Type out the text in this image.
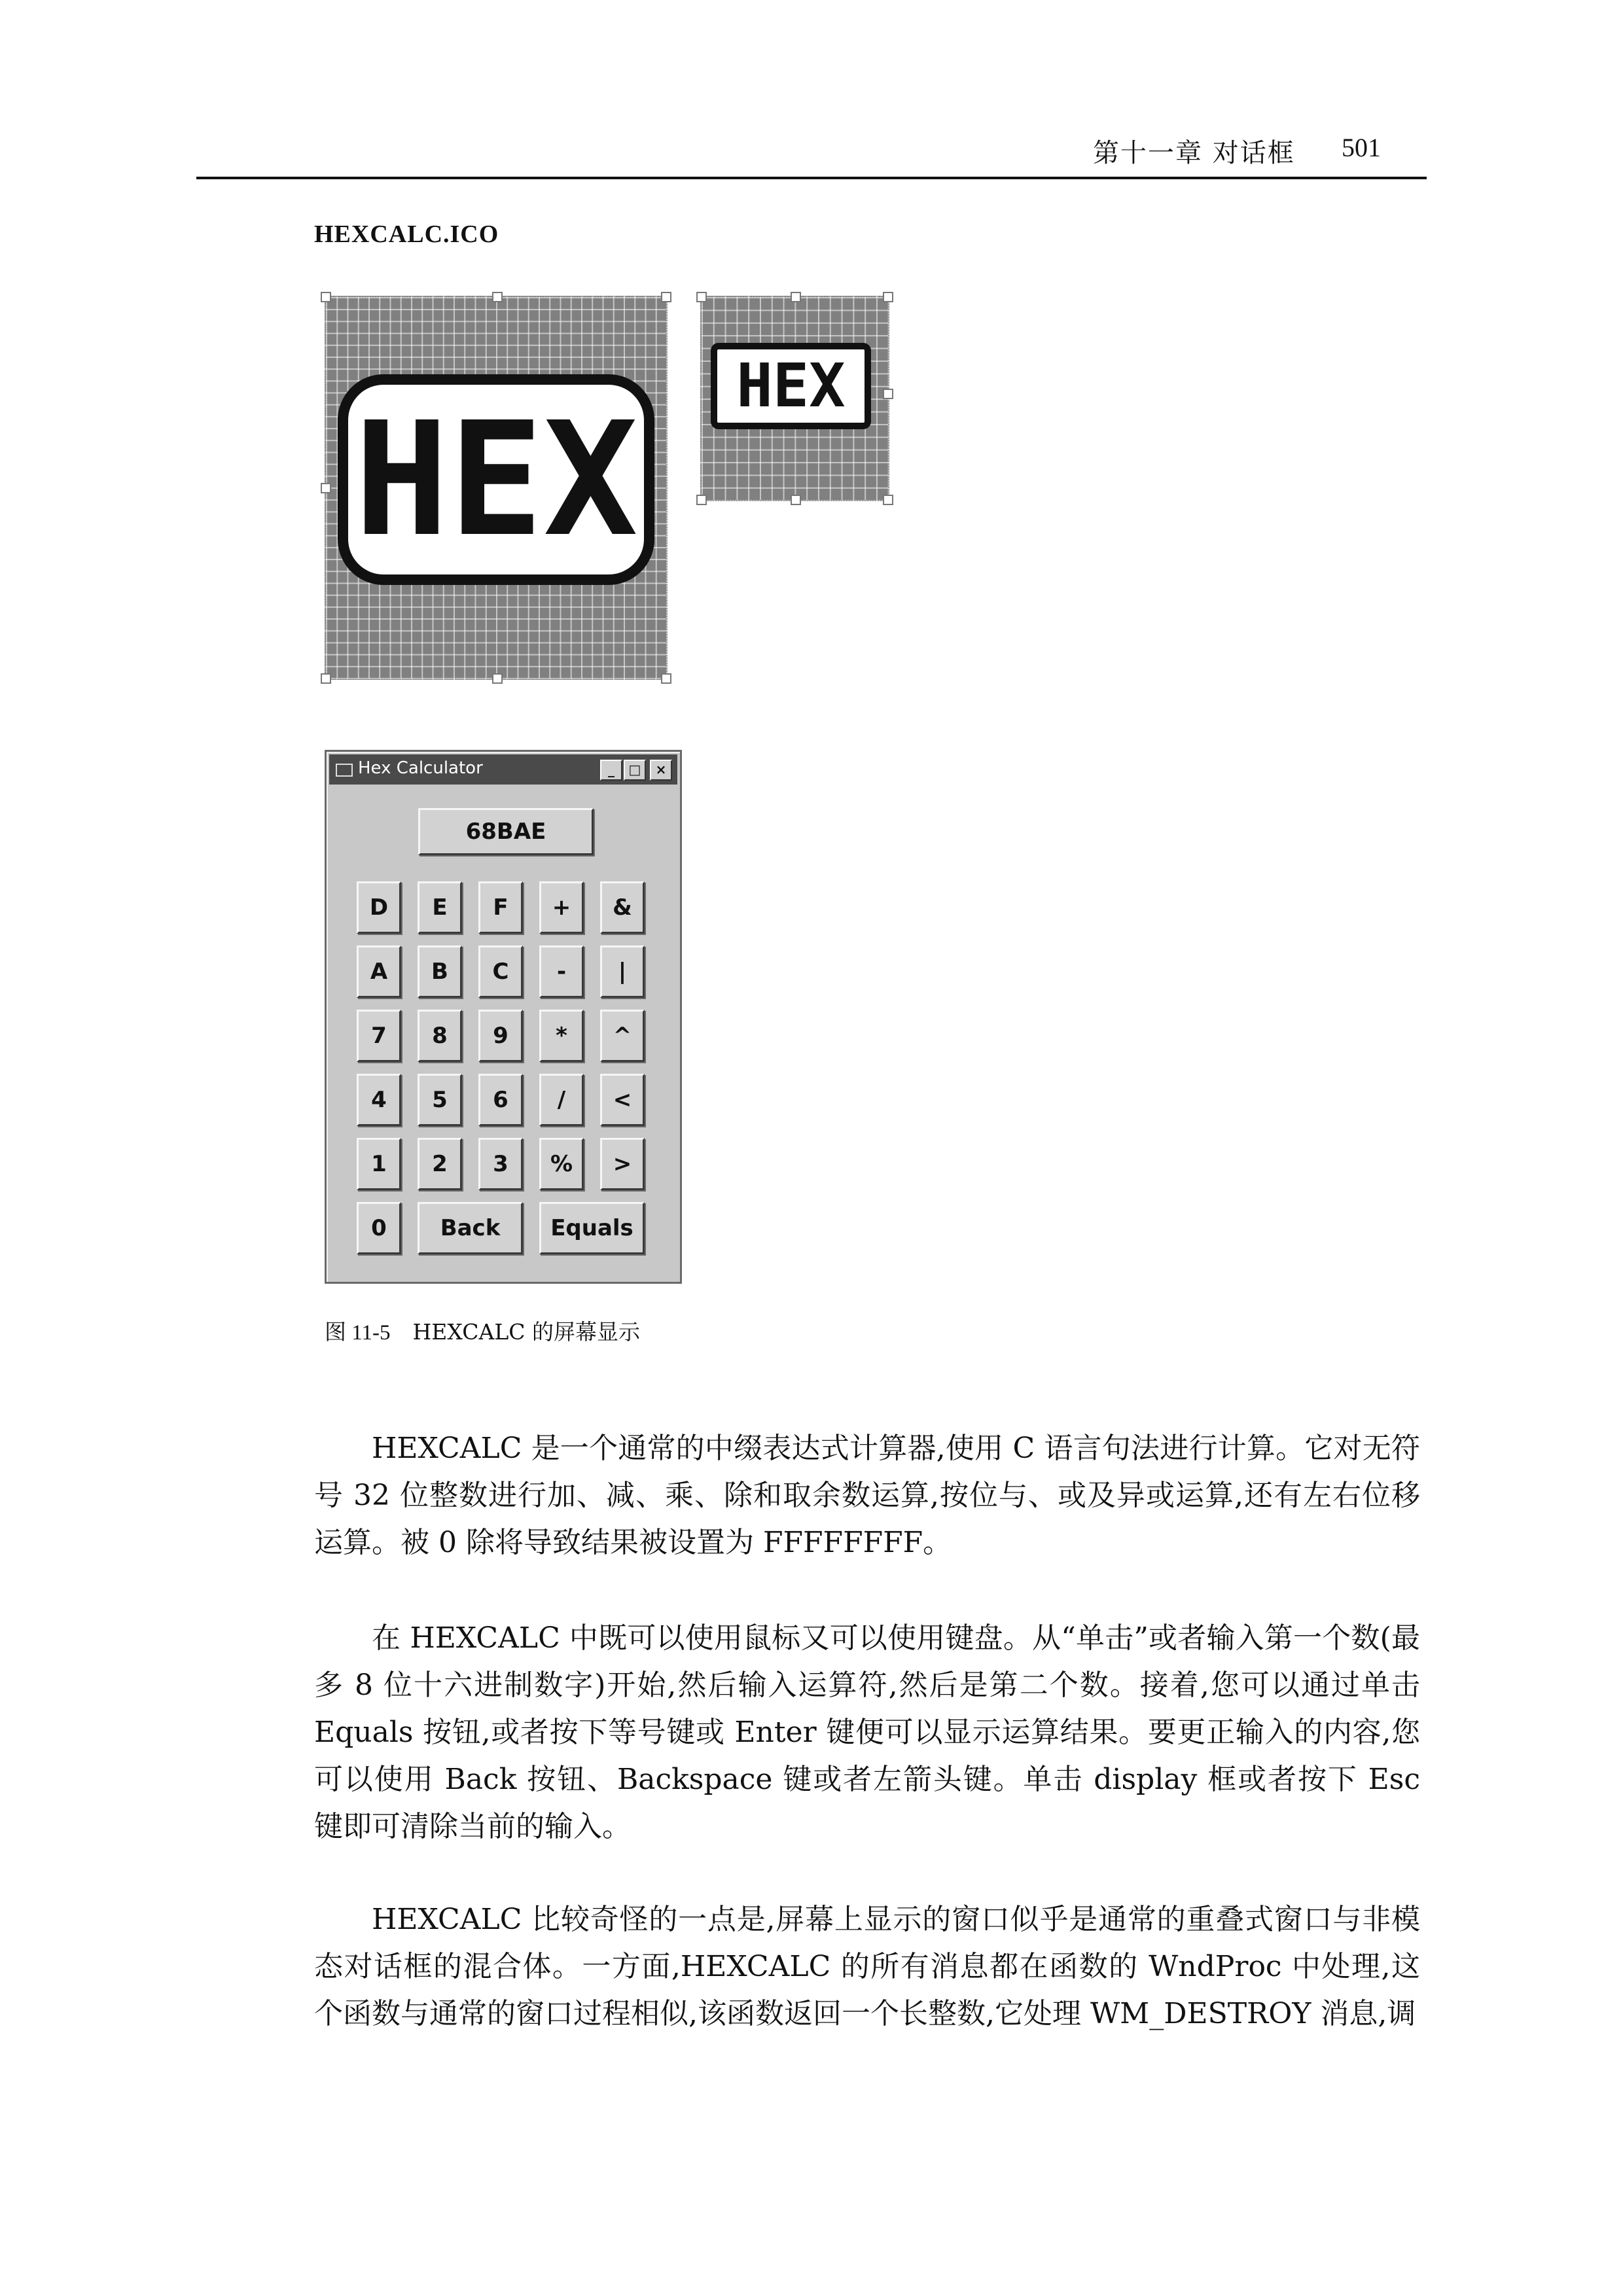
第十一章 对话框 501
HEXCALC.ICO
HEX
HEX
Hex Calculator	_	□	×
68BAE
D	E	F	+	&
A	B	C	-	|
7	8	9	*	^
4	5	6	/	<
1	2	3	%	>
0	Back	Equals
图 11-5 HEXCALC 的屏幕显示

HEXCALC 是一个通常的中缀表达式计算器,使用 C 语言句法进行计算。它对无符号 32 位整数进行加、减、乘、除和取余数运算,按位与、或及异或运算,还有左右位移运算。被 0 除将导致结果被设置为 FFFFFFFF。

在 HEXCALC 中既可以使用鼠标又可以使用键盘。从“单击”或者输入第一个数(最多 8 位十六进制数字)开始,然后输入运算符,然后是第二个数。接着,您可以通过单击 Equals 按钮,或者按下等号键或 Enter 键便可以显示运算结果。要更正输入的内容,您可以使用 Back 按钮、Backspace 键或者左箭头键。单击 display 框或者按下 Esc 键即可清除当前的输入。

HEXCALC 比较奇怪的一点是,屏幕上显示的窗口似乎是通常的重叠式窗口与非模态对话框的混合体。一方面,HEXCALC 的所有消息都在函数的 WndProc 中处理,这个函数与通常的窗口过程相似,该函数返回一个长整数,它处理 WM_DESTROY 消息,调
